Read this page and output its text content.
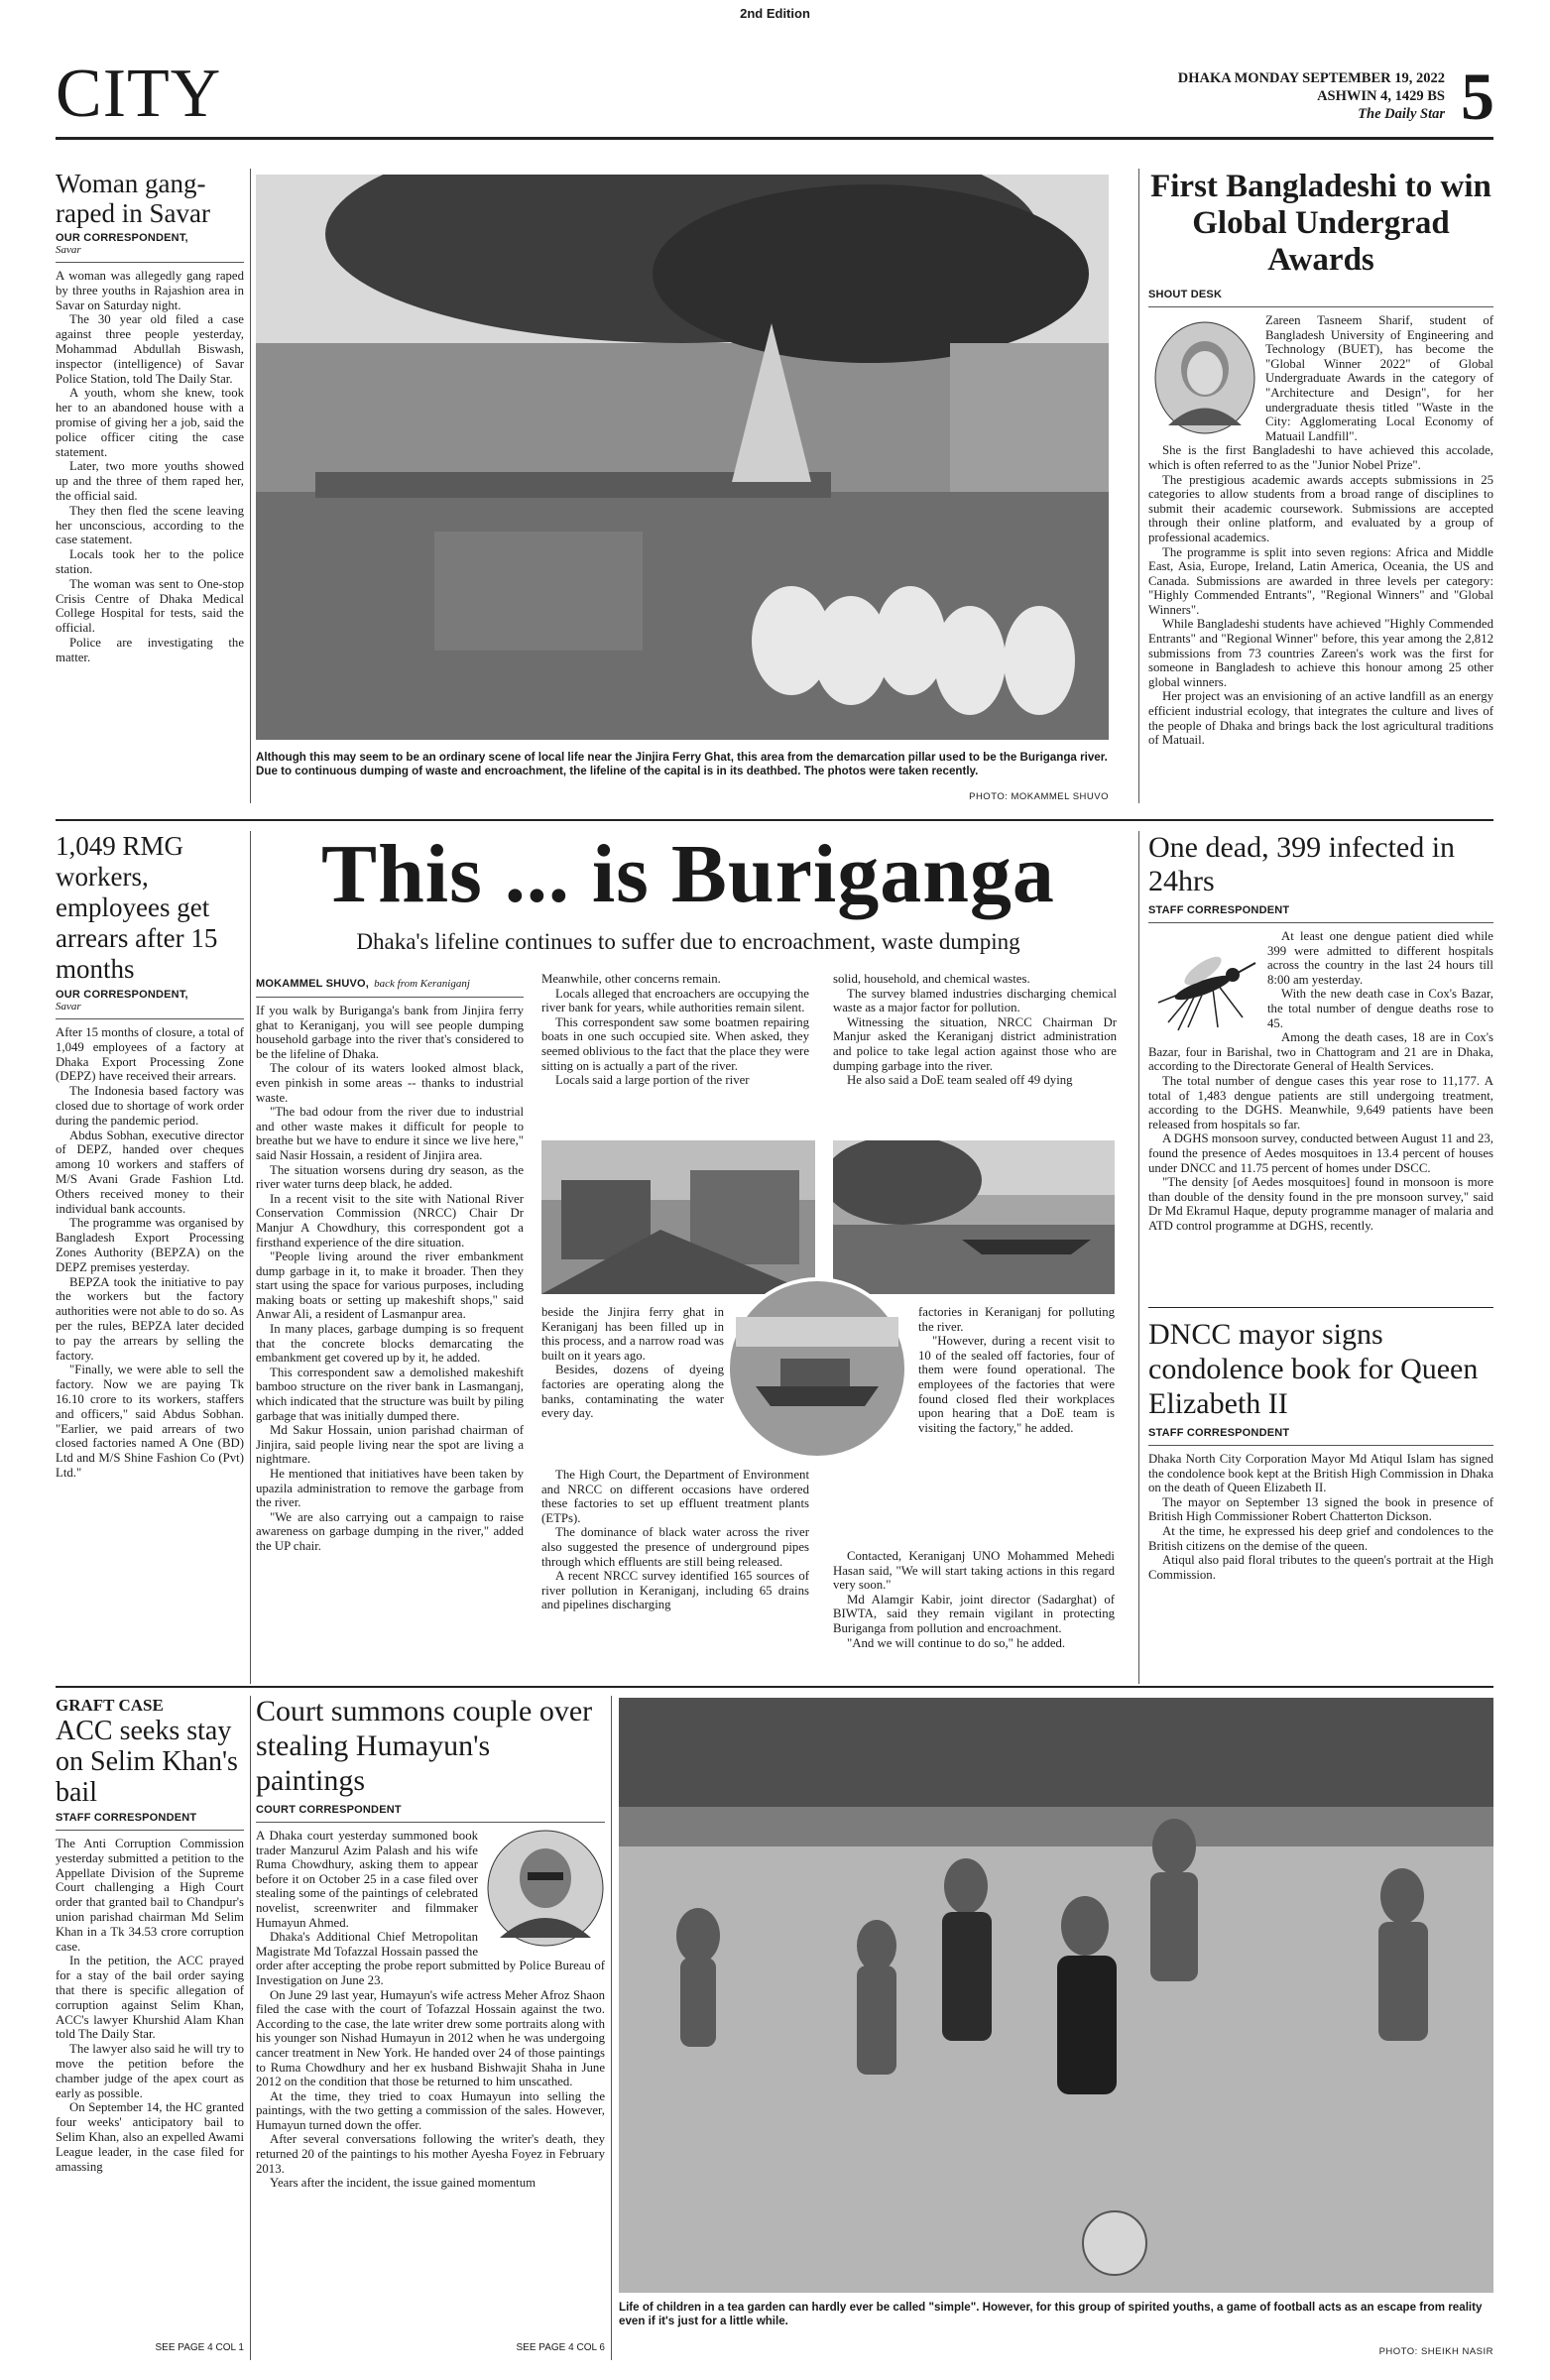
2nd Edition
CITY	DHAKA MONDAY SEPTEMBER 19, 2022
ASHWIN 4, 1429 BS
The Daily Star 5
Woman gang-raped in Savar
OUR CORRESPONDENT,
Savar

A woman was allegedly gang raped by three youths in Rajashion area in Savar on Saturday night.

The 30 year old filed a case against three people yesterday, Mohammad Abdullah Biswash, inspector (intelligence) of Savar Police Station, told The Daily Star.

A youth, whom she knew, took her to an abandoned house with a promise of giving her a job, said the police officer citing the case statement.

Later, two more youths showed up and the three of them raped her, the official said.

They then fled the scene leaving her unconscious, according to the case statement.

Locals took her to the police station.

The woman was sent to One-stop Crisis Centre of Dhaka Medical College Hospital for tests, said the official.

Police are investigating the matter.

Although this may seem to be an ordinary scene of local life near the Jinjira Ferry Ghat, this area from the demarcation pillar used to be the Buriganga river. Due to continuous dumping of waste and encroachment, the lifeline of the capital is in its deathbed. The photos were taken recently.
PHOTO: MOKAMMEL SHUVO
First Bangladeshi to win Global Undergrad Awards
SHOUT DESK

Zareen Tasneem Sharif, student of Bangladesh University of Engineering and Technology (BUET), has become the "Global Winner 2022" of Global Undergraduate Awards in the category of "Architecture and Design", for her undergraduate thesis titled "Waste in the City: Agglomerating Local Economy of Matuail Landfill".

She is the first Bangladeshi to have achieved this accolade, which is often referred to as the "Junior Nobel Prize".

The prestigious academic awards accepts submissions in 25 categories to allow students from a broad range of disciplines to submit their academic coursework. Submissions are accepted through their online platform, and evaluated by a group of professional academics.

The programme is split into seven regions: Africa and Middle East, Asia, Europe, Ireland, Latin America, Oceania, the US and Canada. Submissions are awarded in three levels per category: "Highly Commended Entrants", "Regional Winners" and "Global Winners".

While Bangladeshi students have achieved "Highly Commended Entrants" and "Regional Winner" before, this year among the 2,812 submissions from 73 countries Zareen's work was the first for someone in Bangladesh to achieve this honour among 25 other global winners.

Her project was an envisioning of an active landfill as an energy efficient industrial ecology, that integrates the culture and lives of the people of Dhaka and brings back the lost agricultural traditions of Matuail.

1,049 RMG workers, employees get arrears after 15 months
OUR CORRESPONDENT,
Savar

After 15 months of closure, a total of 1,049 employees of a factory at Dhaka Export Processing Zone (DEPZ) have received their arrears.

The Indonesia based factory was closed due to shortage of work order during the pandemic period.

Abdus Sobhan, executive director of DEPZ, handed over cheques among 10 workers and staffers of M/S Avani Grade Fashion Ltd. Others received money to their individual bank accounts.

The programme was organised by Bangladesh Export Processing Zones Authority (BEPZA) on the DEPZ premises yesterday.

BEPZA took the initiative to pay the workers but the factory authorities were not able to do so. As per the rules, BEPZA later decided to pay the arrears by selling the factory.

"Finally, we were able to sell the factory. Now we are paying Tk 16.10 crore to its workers, staffers and officers," said Abdus Sobhan. "Earlier, we paid arrears of two closed factories named A One (BD) Ltd and M/S Shine Fashion Co (Pvt) Ltd."

This ... is Buriganga
Dhaka's lifeline continues to suffer due to encroachment, waste dumping
MOKAMMEL SHUVO, back from Keraniganj

If you walk by Buriganga's bank from Jinjira ferry ghat to Keraniganj, you will see people dumping household garbage into the river that's considered to be the lifeline of Dhaka.

The colour of its waters looked almost black, even pinkish in some areas -- thanks to industrial waste.

"The bad odour from the river due to industrial and other waste makes it difficult for people to breathe but we have to endure it since we live here," said Nasir Hossain, a resident of Jinjira area.

The situation worsens during dry season, as the river water turns deep black, he added.

In a recent visit to the site with National River Conservation Commission (NRCC) Chair Dr Manjur A Chowdhury, this correspondent got a firsthand experience of the dire situation.

"People living around the river embankment dump garbage in it, to make it broader. Then they start using the space for various purposes, including making boats or setting up makeshift shops," said Anwar Ali, a resident of Lasmanpur area.

In many places, garbage dumping is so frequent that the concrete blocks demarcating the embankment get covered up by it, he added.

This correspondent saw a demolished makeshift bamboo structure on the river bank in Lasmanganj, which indicated that the structure was built by piling garbage that was initially dumped there.

Md Sakur Hossain, union parishad chairman of Jinjira, said people living near the spot are living a nightmare.

He mentioned that initiatives have been taken by upazila administration to remove the garbage from the river.

"We are also carrying out a campaign to raise awareness on garbage dumping in the river," added the UP chair.

Meanwhile, other concerns remain.

Locals alleged that encroachers are occupying the river bank for years, while authorities remain silent.

This correspondent saw some boatmen repairing boats in one such occupied site. When asked, they seemed oblivious to the fact that the place they were sitting on is actually a part of the river.

Locals said a large portion of the river

solid, household, and chemical wastes.

The survey blamed industries discharging chemical waste as a major factor for pollution.

Witnessing the situation, NRCC Chairman Dr Manjur asked the Keraniganj district administration and police to take legal action against those who are dumping garbage into the river.

He also said a DoE team sealed off 49 dying

beside the Jinjira ferry ghat in Keraniganj has been filled up in this process, and a narrow road was built on it years ago.

Besides, dozens of dyeing factories are operating along the banks, contaminating the water every day.

The High Court, the Department of Environment and NRCC on different occasions have ordered these factories to set up effluent treatment plants (ETPs).

The dominance of black water across the river also suggested the presence of underground pipes through which effluents are still being released.

A recent NRCC survey identified 165 sources of river pollution in Keraniganj, including 65 drains and pipelines discharging

factories in Keraniganj for polluting the river.

"However, during a recent visit to 10 of the sealed off factories, four of them were found operational. The employees of the factories that were found closed fled their workplaces upon hearing that a DoE team is visiting the factory," he added.

Contacted, Keraniganj UNO Mohammed Mehedi Hasan said, "We will start taking actions in this regard very soon."

Md Alamgir Kabir, joint director (Sadarghat) of BIWTA, said they remain vigilant in protecting Buriganga from pollution and encroachment.

"And we will continue to do so," he added.

One dead, 399 infected in 24hrs
STAFF CORRESPONDENT

At least one dengue patient died while 399 were admitted to different hospitals across the country in the last 24 hours till 8:00 am yesterday.

With the new death case in Cox's Bazar, the total number of dengue deaths rose to 45.

Among the death cases, 18 are in Cox's Bazar, four in Barishal, two in Chattogram and 21 are in Dhaka, according to the Directorate General of Health Services.

The total number of dengue cases this year rose to 11,177. A total of 1,483 dengue patients are still undergoing treatment, according to the DGHS. Meanwhile, 9,649 patients have been released from hospitals so far.

A DGHS monsoon survey, conducted between August 11 and 23, found the presence of Aedes mosquitoes in 13.4 percent of houses under DNCC and 11.75 percent of homes under DSCC.

"The density [of Aedes mosquitoes] found in monsoon is more than double of the density found in the pre monsoon survey," said Dr Md Ekramul Haque, deputy programme manager of malaria and ATD control programme at DGHS, recently.

DNCC mayor signs condolence book for Queen Elizabeth II
STAFF CORRESPONDENT

Dhaka North City Corporation Mayor Md Atiqul Islam has signed the condolence book kept at the British High Commission in Dhaka on the death of Queen Elizabeth II.

The mayor on September 13 signed the book in presence of British High Commissioner Robert Chatterton Dickson.

At the time, he expressed his deep grief and condolences to the British citizens on the demise of the queen.

Atiqul also paid floral tributes to the queen's portrait at the High Commission.

GRAFT CASE
ACC seeks stay on Selim Khan's bail
STAFF CORRESPONDENT

The Anti Corruption Commission yesterday submitted a petition to the Appellate Division of the Supreme Court challenging a High Court order that granted bail to Chandpur's union parishad chairman Md Selim Khan in a Tk 34.53 crore corruption case.

In the petition, the ACC prayed for a stay of the bail order saying that there is specific allegation of corruption against Selim Khan, ACC's lawyer Khurshid Alam Khan told The Daily Star.

The lawyer also said he will try to move the petition before the chamber judge of the apex court as early as possible.

On September 14, the HC granted four weeks' anticipatory bail to Selim Khan, also an expelled Awami League leader, in the case filed for amassing

SEE PAGE 4 COL 1
Court summons couple over stealing Humayun's paintings
COURT CORRESPONDENT

A Dhaka court yesterday summoned book trader Manzurul Azim Palash and his wife Ruma Chowdhury, asking them to appear before it on October 25 in a case filed over stealing some of the paintings of celebrated novelist, screenwriter and filmmaker Humayun Ahmed.

Dhaka's Additional Chief Metropolitan Magistrate Md Tofazzal Hossain passed the order after accepting the probe report submitted by Police Bureau of Investigation on June 23.

On June 29 last year, Humayun's wife actress Meher Afroz Shaon filed the case with the court of Tofazzal Hossain against the two. According to the case, the late writer drew some portraits along with his younger son Nishad Humayun in 2012 when he was undergoing cancer treatment in New York. He handed over 24 of those paintings to Ruma Chowdhury and her ex husband Bishwajit Shaha in June 2012 on the condition that those be returned to him unscathed.

At the time, they tried to coax Humayun into selling the paintings, with the two getting a commission of the sales. However, Humayun turned down the offer.

After several conversations following the writer's death, they returned 20 of the paintings to his mother Ayesha Foyez in February 2013.

Years after the incident, the issue gained momentum

SEE PAGE 4 COL 6
Life of children in a tea garden can hardly ever be called "simple". However, for this group of spirited youths, a game of football acts as an escape from reality even if it's just for a little while.
PHOTO: SHEIKH NASIR
